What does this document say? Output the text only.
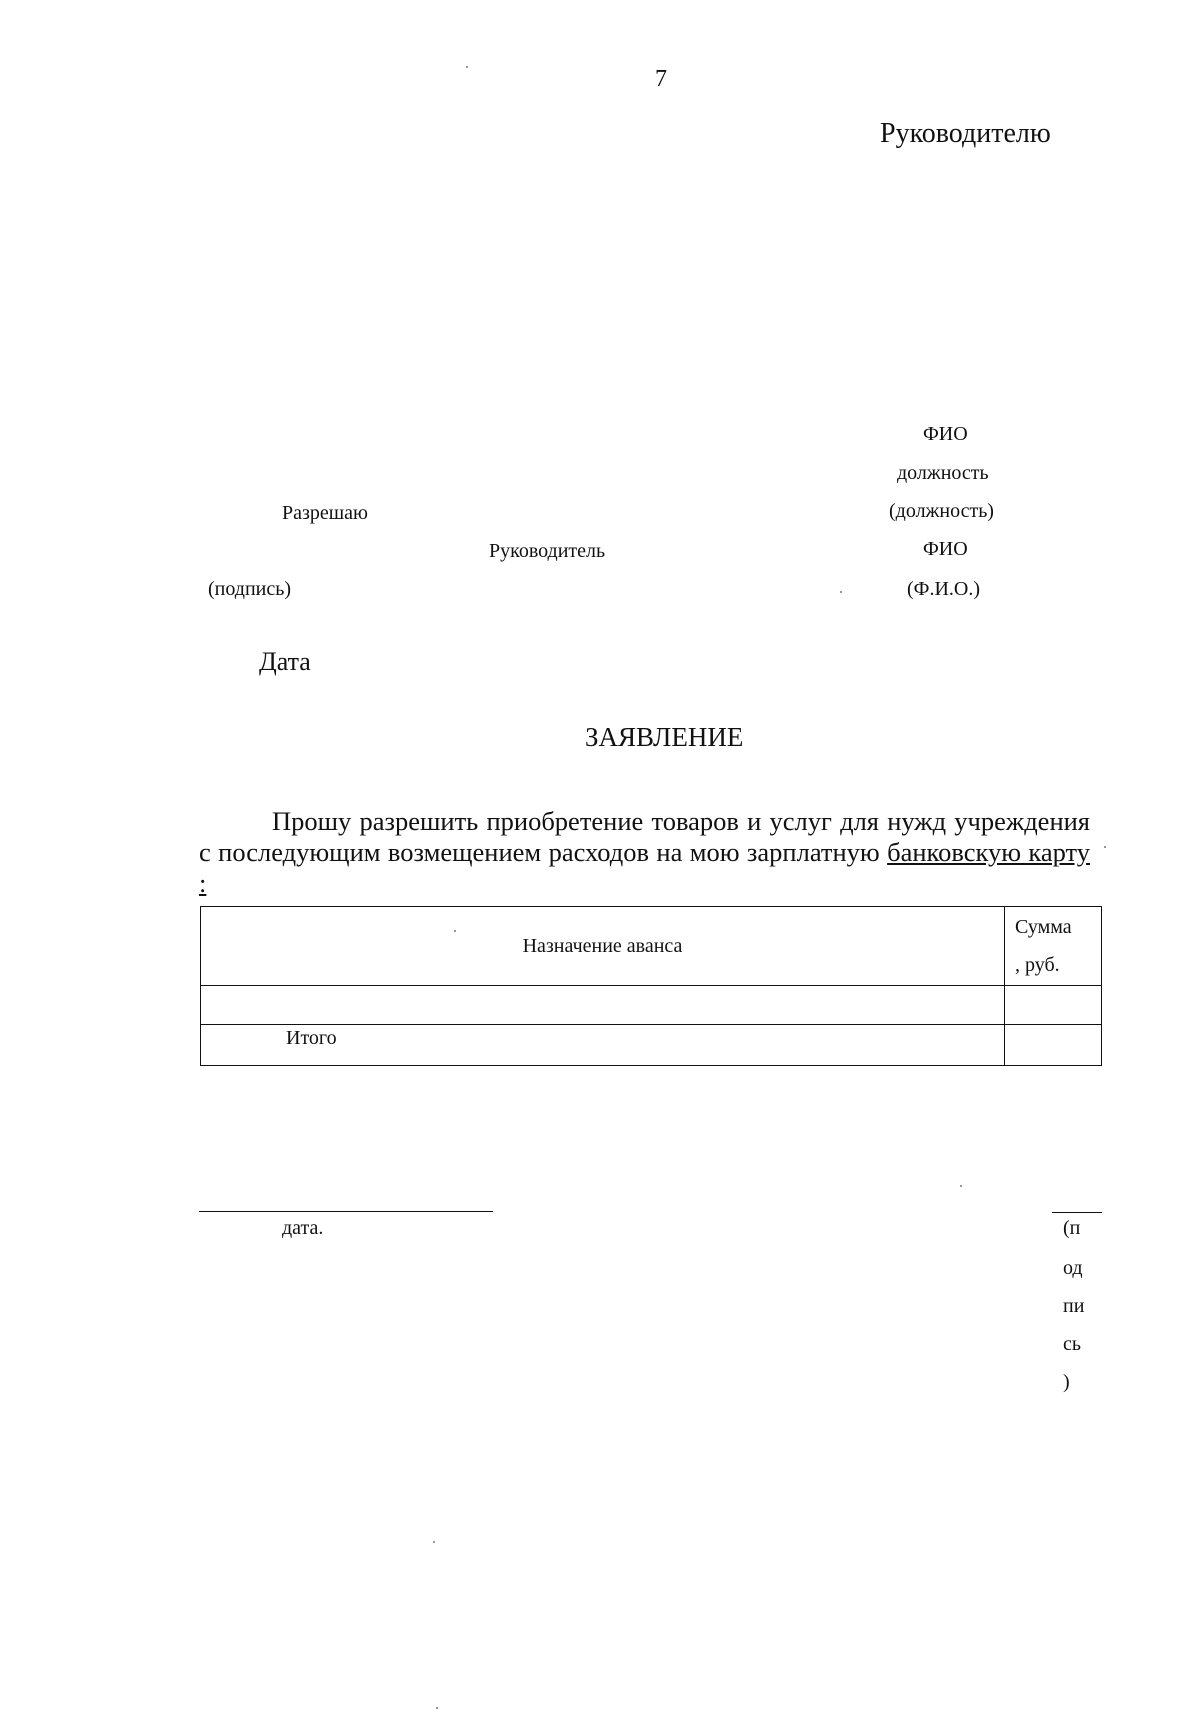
7
Руководителю
ФИО
должность
(должность)
ФИО
(Ф.И.О.)
Разрешаю
Руководитель
(подпись)
Дата
ЗАЯВЛЕНИЕ
Прошу разрешить приобретение товаров и услуг для нужд учреждения с последующим возмещением расходов на мою зарплатную банковскую карту :
Назначение аванса	Сумма
, руб.

Итого	
дата.	(п
од
пи
сь
)
